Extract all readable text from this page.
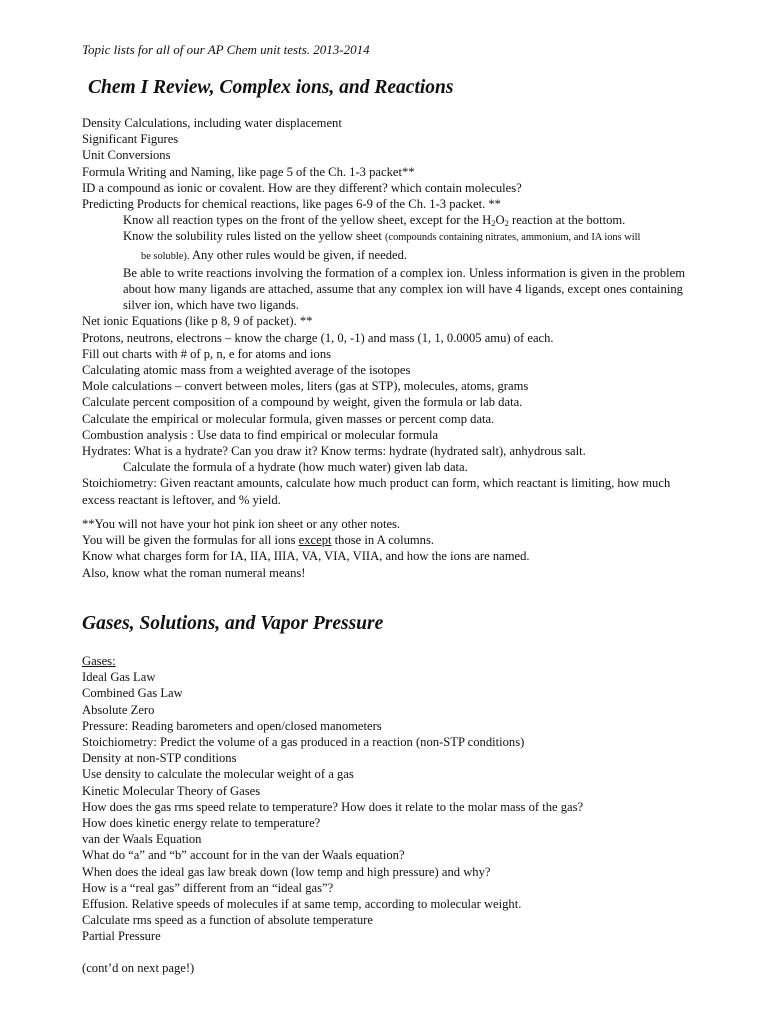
Topic lists for all of our AP Chem unit tests. 2013-2014
Chem I Review, Complex ions, and Reactions
Density Calculations, including water displacement
Significant Figures
Unit Conversions
Formula Writing and Naming, like page 5 of the Ch. 1-3 packet**
ID a compound as ionic or covalent. How are they different? which contain molecules?
Predicting Products for chemical reactions, like pages 6-9 of the Ch. 1-3 packet. **
Know all reaction types on the front of the yellow sheet, except for the $H_2O_2$ reaction at the bottom.
Know the solubility rules listed on the yellow sheet (compounds containing nitrates, ammonium, and IA ions will
be soluble). Any other rules would be given, if needed.
Be able to write reactions involving the formation of a complex ion. Unless information is given in the problem about how many ligands are attached, assume that any complex ion will have 4 ligands, except ones containing silver ion, which have two ligands.
Net ionic Equations (like p 8, 9 of packet). **
Protons, neutrons, electrons – know the charge (1, 0, -1) and mass (1, 1, 0.0005 amu) of each.
Fill out charts with # of p, n, e for atoms and ions
Calculating atomic mass from a weighted average of the isotopes
Mole calculations – convert between moles, liters (gas at STP), molecules, atoms, grams
Calculate percent composition of a compound by weight, given the formula or lab data.
Calculate the empirical or molecular formula, given masses or percent comp data.
Combustion analysis : Use data to find empirical or molecular formula
Hydrates: What is a hydrate? Can you draw it? Know terms: hydrate (hydrated salt), anhydrous salt.
Calculate the formula of a hydrate (how much water) given lab data.
Stoichiometry: Given reactant amounts, calculate how much product can form, which reactant is limiting, how much excess reactant is leftover, and % yield.
**You will not have your hot pink ion sheet or any other notes.
You will be given the formulas for all ions except those in A columns.
Know what charges form for IA, IIA, IIIA, VA, VIA, VIIA, and how the ions are named.
Also, know what the roman numeral means!
Gases, Solutions, and Vapor Pressure
Gases:
Ideal Gas Law
Combined Gas Law
Absolute Zero
Pressure: Reading barometers and open/closed manometers
Stoichiometry: Predict the volume of a gas produced in a reaction (non-STP conditions)
Density at non-STP conditions
Use density to calculate the molecular weight of a gas
Kinetic Molecular Theory of Gases
How does the gas rms speed relate to temperature? How does it relate to the molar mass of the gas?
How does kinetic energy relate to temperature?
van der Waals Equation
What do “a” and “b” account for in the van der Waals equation?
When does the ideal gas law break down (low temp and high pressure) and why?
How is a “real gas” different from an “ideal gas”?
Effusion. Relative speeds of molecules if at same temp, according to molecular weight.
Calculate rms speed as a function of absolute temperature
Partial Pressure
(cont’d on next page!)
